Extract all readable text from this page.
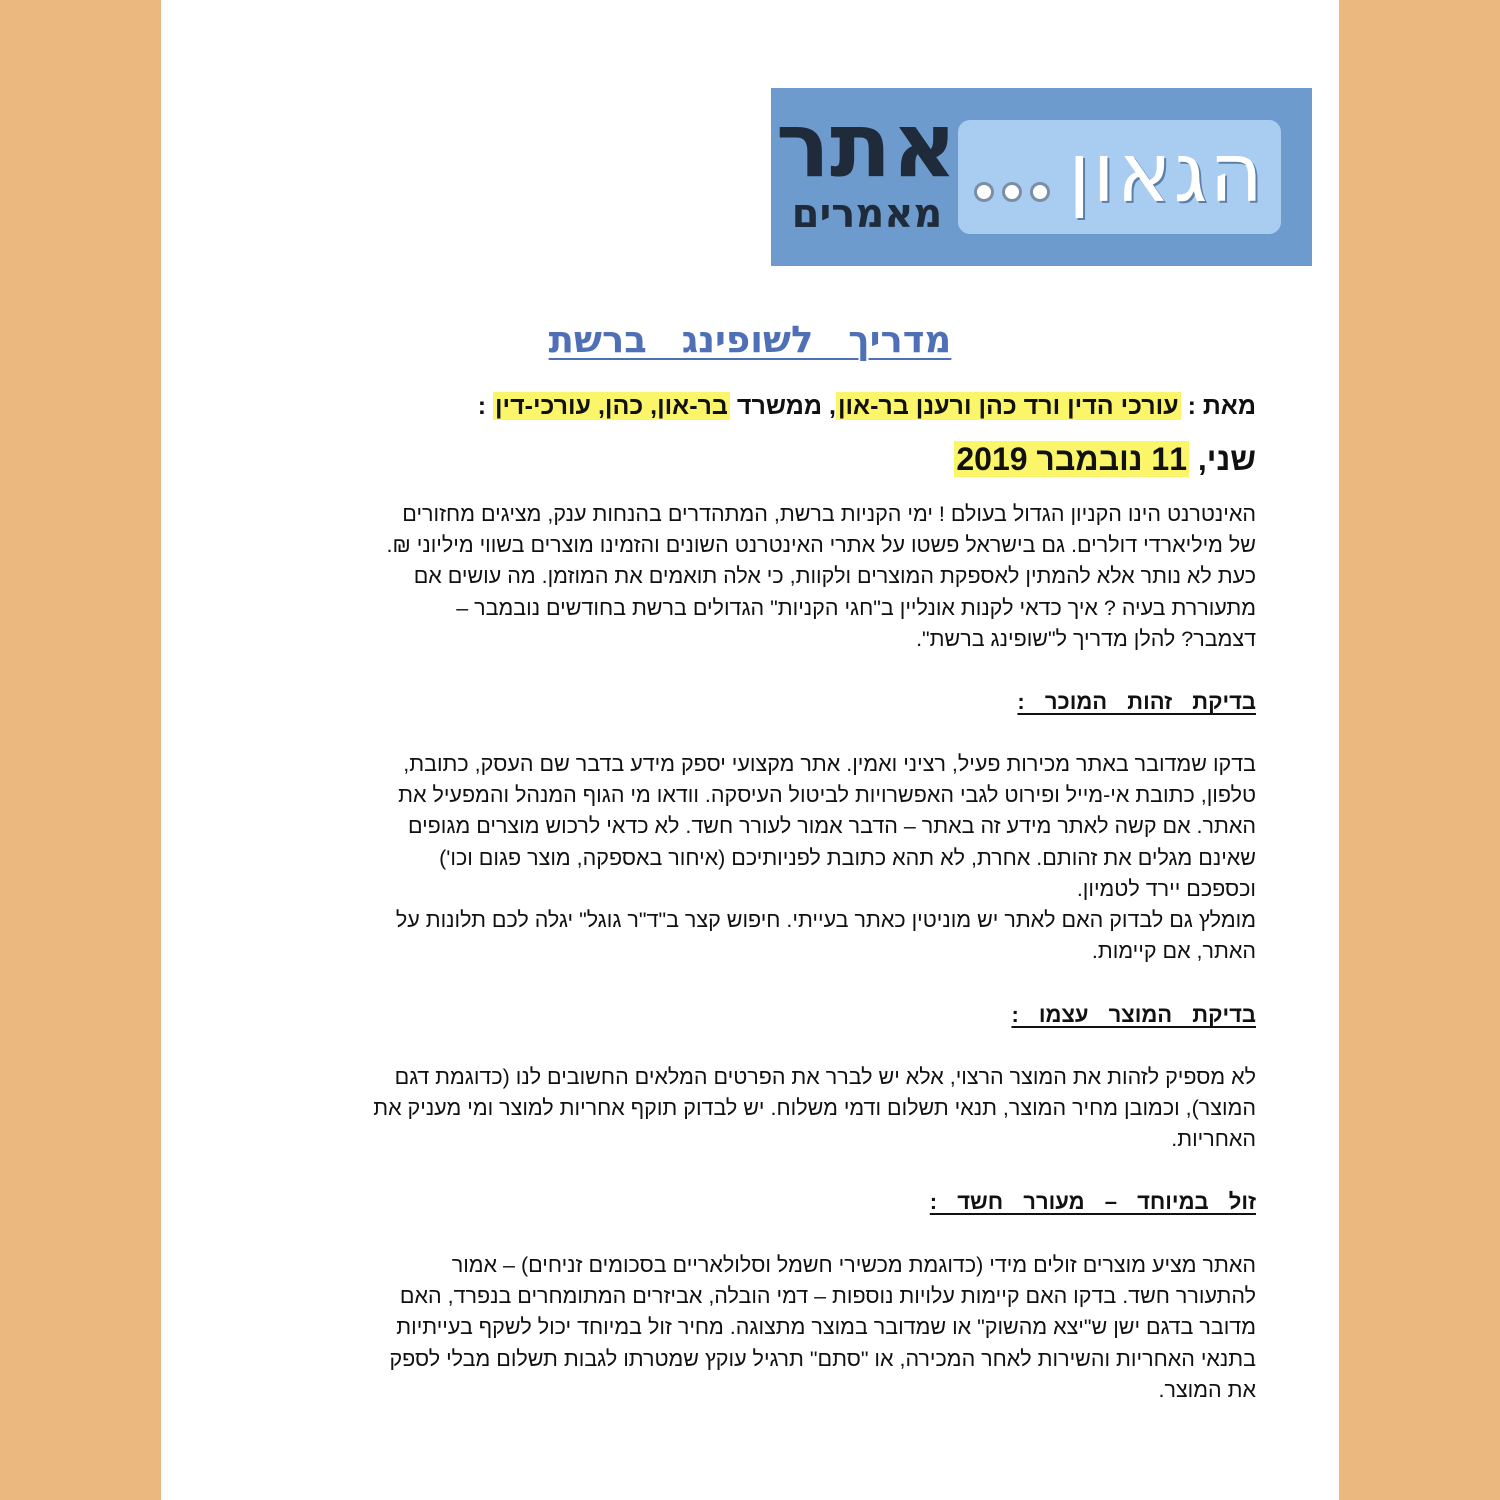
הגאון
אתר
מאמרים
מדריך לשופינג ברשת
מאת : עורכי הדין ורד כהן ורענן בר-און, ממשרד בר-און, כהן, עורכי-דין :
שני, 11 נובמבר 2019
האינטרנט הינו הקניון הגדול בעולם ! ימי הקניות ברשת, המתהדרים בהנחות ענק, מציגים מחזורים
של מיליארדי דולרים. גם בישראל פשטו על אתרי האינטרנט השונים והזמינו מוצרים בשווי מיליוני ₪.
כעת לא נותר אלא להמתין לאספקת המוצרים ולקוות, כי אלה תואמים את המוזמן. מה עושים אם
מתעוררת בעיה ? איך כדאי לקנות אונליין ב"חגי הקניות" הגדולים ברשת בחודשים נובמבר –
דצמבר? להלן מדריך ל"שופינג ברשת".
בדיקת זהות המוכר :
בדקו שמדובר באתר מכירות פעיל, רציני ואמין. אתר מקצועי יספק מידע בדבר שם העסק, כתובת,
טלפון, כתובת אי-מייל ופירוט לגבי האפשרויות לביטול העיסקה. וודאו מי הגוף המנהל והמפעיל את
האתר. אם קשה לאתר מידע זה באתר – הדבר אמור לעורר חשד. לא כדאי לרכוש מוצרים מגופים
שאינם מגלים את זהותם. אחרת, לא תהא כתובת לפניותיכם (איחור באספקה, מוצר פגום וכו')
וכספכם יירד לטמיון.
מומלץ גם לבדוק האם לאתר יש מוניטין כאתר בעייתי. חיפוש קצר ב"ד"ר גוגל" יגלה לכם תלונות על
האתר, אם קיימות.
בדיקת המוצר עצמו :
לא מספיק לזהות את המוצר הרצוי, אלא יש לברר את הפרטים המלאים החשובים לנו (כדוגמת דגם
המוצר), וכמובן מחיר המוצר, תנאי תשלום ודמי משלוח. יש לבדוק תוקף אחריות למוצר ומי מעניק את
האחריות.
זול במיוחד – מעורר חשד :
האתר מציע מוצרים זולים מידי (כדוגמת מכשירי חשמל וסלולאריים בסכומים זניחים) – אמור
להתעורר חשד. בדקו האם קיימות עלויות נוספות – דמי הובלה, אביזרים המתומחרים בנפרד, האם
מדובר בדגם ישן ש"יצא מהשוק" או שמדובר במוצר מתצוגה. מחיר זול במיוחד יכול לשקף בעייתיות
בתנאי האחריות והשירות לאחר המכירה, או "סתם" תרגיל עוקץ שמטרתו לגבות תשלום מבלי לספק
את המוצר.
